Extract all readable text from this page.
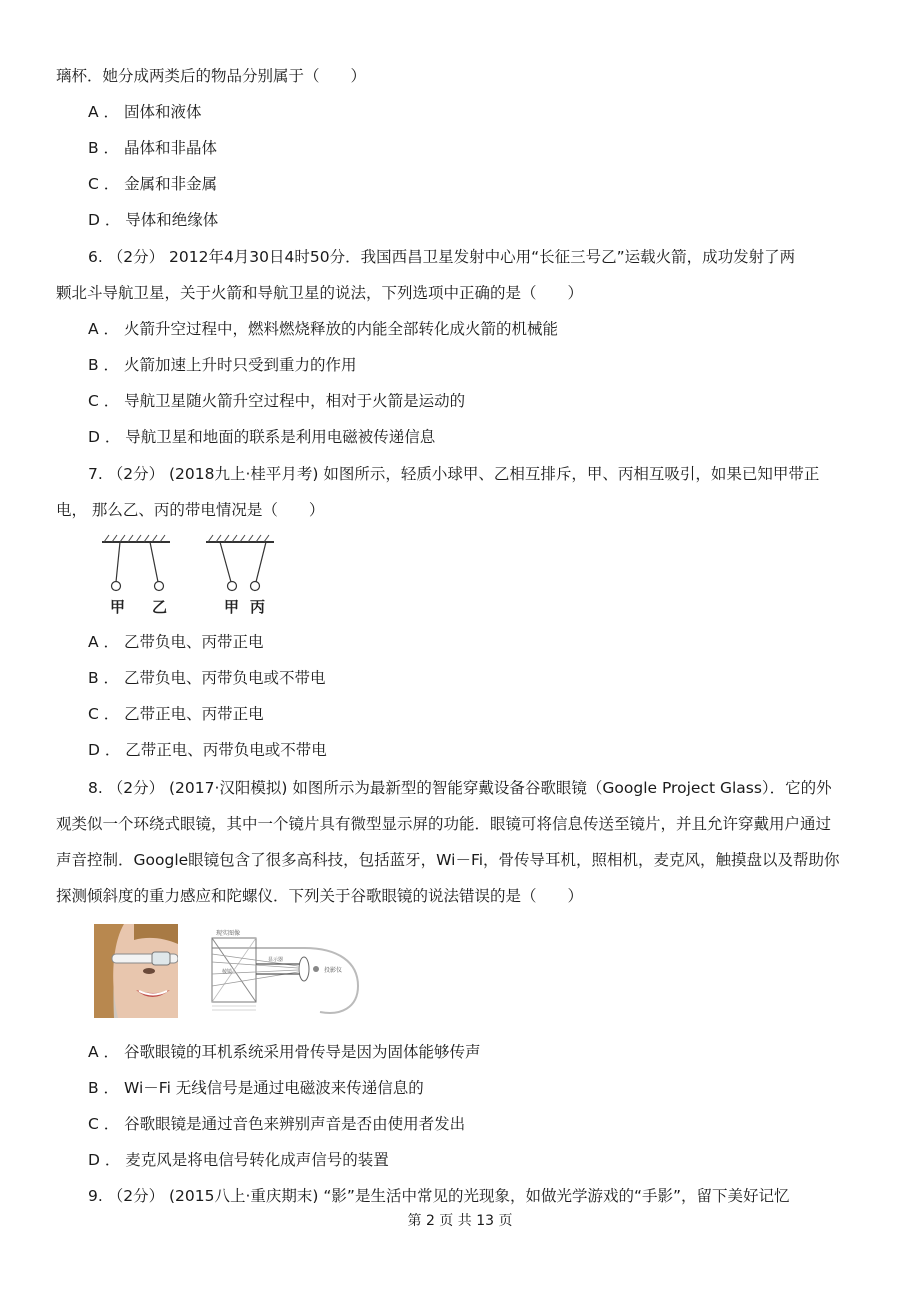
璃杯．她分成两类后的物品分别属于（　　）
A ． 固体和液体
B ． 晶体和非晶体
C ． 金属和非金属
D ． 导体和绝缘体
6. （2分） 2012年4月30日4时50分．我国西昌卫星发射中心用“长征三号乙”运载火箭，成功发射了两
颗北斗导航卫星，关于火箭和导航卫星的说法，下列选项中正确的是（　　）
A ． 火箭升空过程中，燃料燃烧释放的内能全部转化成火箭的机械能
B ． 火箭加速上升时只受到重力的作用
C ． 导航卫星随火箭升空过程中，相对于火箭是运动的
D ． 导航卫星和地面的联系是利用电磁被传递信息
7. （2分） (2018九上·桂平月考) 如图所示，轻质小球甲、乙相互排斥，甲、丙相互吸引，如果已知甲带正
电， 那么乙、丙的带电情况是（　　）
甲 乙	甲 丙
A ． 乙带负电、丙带正电
B ． 乙带负电、丙带负电或不带电
C ． 乙带正电、丙带正电
D ． 乙带正电、丙带负电或不带电
8. （2分） (2017·汉阳模拟) 如图所示为最新型的智能穿戴设备谷歌眼镜（Google Project Glass）．它的外
观类似一个环绕式眼镜，其中一个镜片具有微型显示屏的功能．眼镜可将信息传送至镜片，并且允许穿戴用户通过
声音控制．Google眼镜包含了很多高科技，包括蓝牙，Wi－Fi，骨传导耳机，照相机，麦克风，触摸盘以及帮助你
探测倾斜度的重力感应和陀螺仪．下列关于谷歌眼镜的说法错误的是（　　）
现实图像
棱镜
显示器
投影仪
A ． 谷歌眼镜的耳机系统采用骨传导是因为固体能够传声
B ． Wi－Fi 无线信号是通过电磁波来传递信息的
C ． 谷歌眼镜是通过音色来辨别声音是否由使用者发出
D ． 麦克风是将电信号转化成声信号的装置
9. （2分） (2015八上·重庆期末) “影”是生活中常见的光现象，如做光学游戏的“手影”，留下美好记忆
第 2 页 共 13 页
